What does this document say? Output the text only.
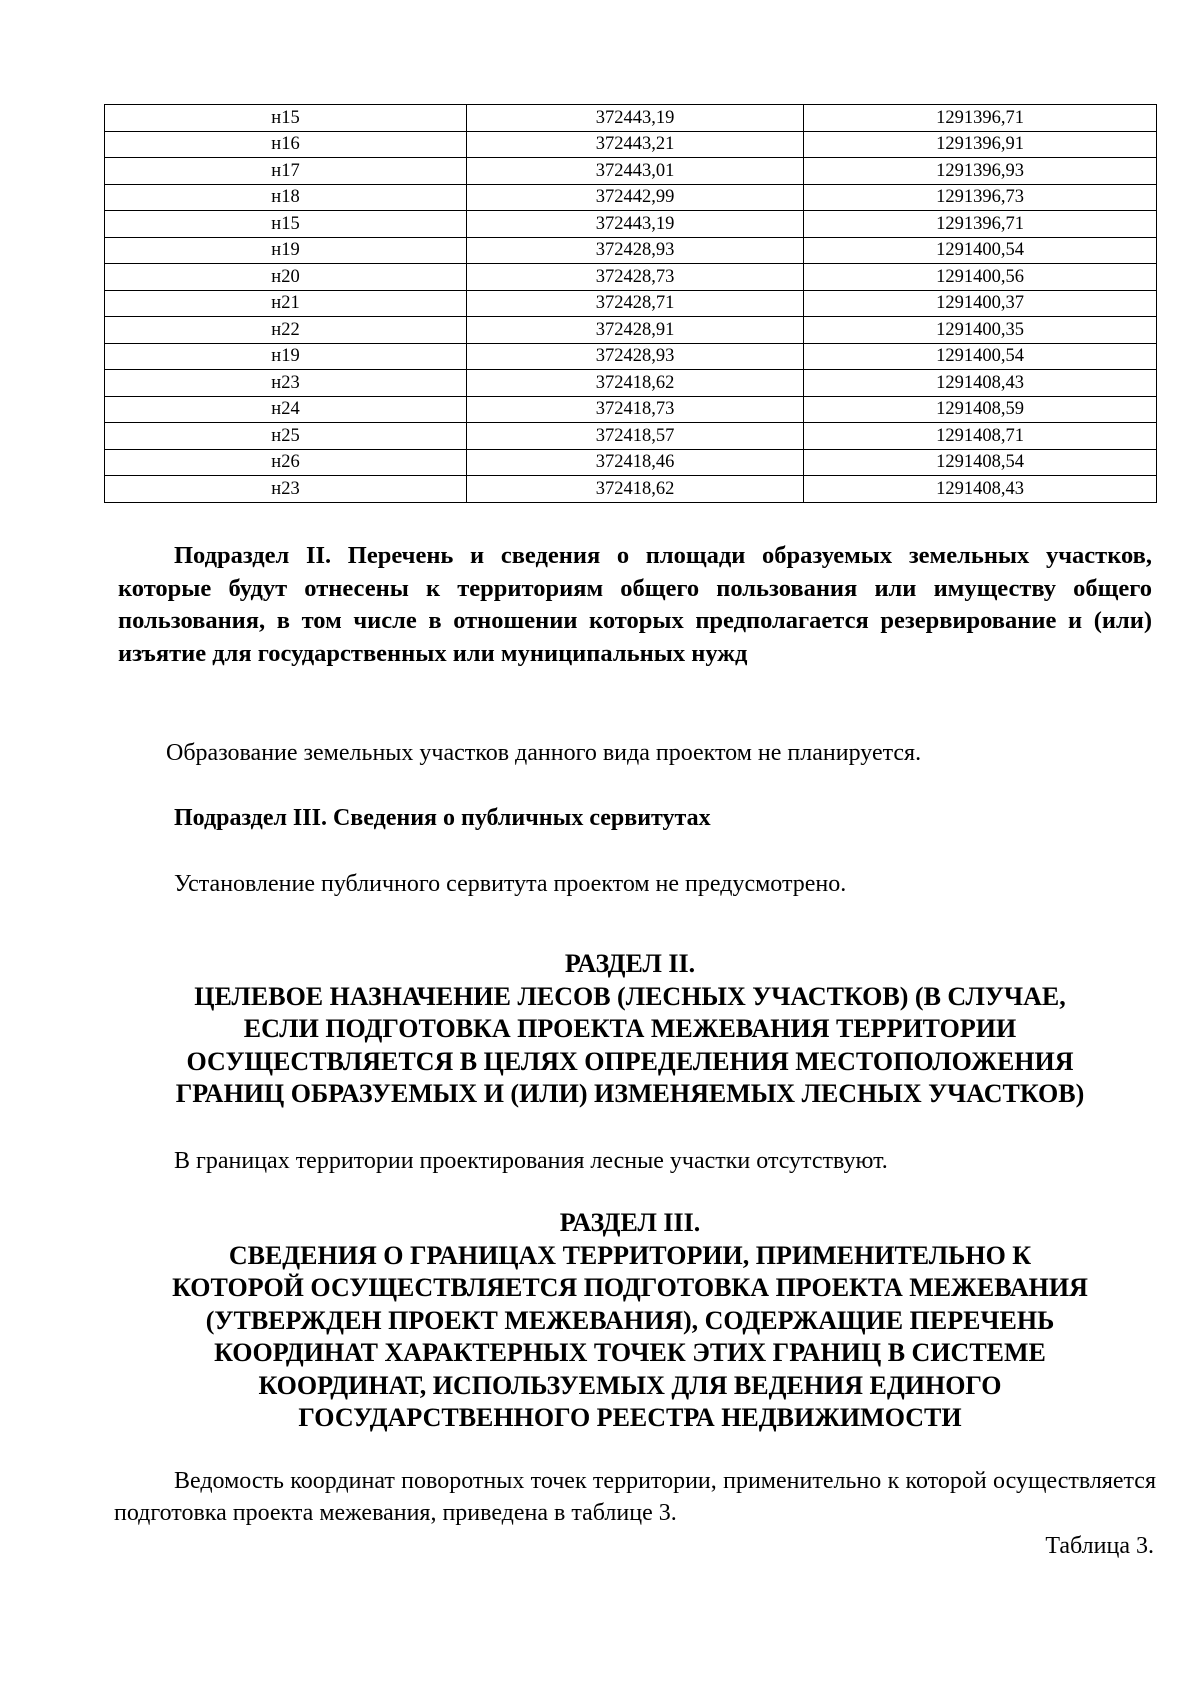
н15	372443,19	1291396,71
н16	372443,21	1291396,91
н17	372443,01	1291396,93
н18	372442,99	1291396,73
н15	372443,19	1291396,71
н19	372428,93	1291400,54
н20	372428,73	1291400,56
н21	372428,71	1291400,37
н22	372428,91	1291400,35
н19	372428,93	1291400,54
н23	372418,62	1291408,43
н24	372418,73	1291408,59
н25	372418,57	1291408,71
н26	372418,46	1291408,54
н23	372418,62	1291408,43
Подраздел II. Перечень и сведения о площади образуемых земельных участков, которые будут отнесены к территориям общего пользования или имуществу общего пользования, в том числе в отношении которых предполагается резервирование и (или) изъятие для государственных или муниципальных нужд
Образование земельных участков данного вида проектом не планируется.
Подраздел III. Сведения о публичных сервитутах
Установление публичного сервитута проектом не предусмотрено.
РАЗДЕЛ II.
ЦЕЛЕВОЕ НАЗНАЧЕНИЕ ЛЕСОВ (ЛЕСНЫХ УЧАСТКОВ) (В СЛУЧАЕ,
ЕСЛИ ПОДГОТОВКА ПРОЕКТА МЕЖЕВАНИЯ ТЕРРИТОРИИ
ОСУЩЕСТВЛЯЕТСЯ В ЦЕЛЯХ ОПРЕДЕЛЕНИЯ МЕСТОПОЛОЖЕНИЯ
ГРАНИЦ ОБРАЗУЕМЫХ И (ИЛИ) ИЗМЕНЯЕМЫХ ЛЕСНЫХ УЧАСТКОВ)
В границах территории проектирования лесные участки отсутствуют.
РАЗДЕЛ III.
СВЕДЕНИЯ О ГРАНИЦАХ ТЕРРИТОРИИ, ПРИМЕНИТЕЛЬНО К
КОТОРОЙ ОСУЩЕСТВЛЯЕТСЯ ПОДГОТОВКА ПРОЕКТА МЕЖЕВАНИЯ
(УТВЕРЖДЕН ПРОЕКТ МЕЖЕВАНИЯ), СОДЕРЖАЩИЕ ПЕРЕЧЕНЬ
КООРДИНАТ ХАРАКТЕРНЫХ ТОЧЕК ЭТИХ ГРАНИЦ В СИСТЕМЕ
КООРДИНАТ, ИСПОЛЬЗУЕМЫХ ДЛЯ ВЕДЕНИЯ ЕДИНОГО
ГОСУДАРСТВЕННОГО РЕЕСТРА НЕДВИЖИМОСТИ
Ведомость координат поворотных точек территории, применительно к которой осуществляется подготовка проекта межевания, приведена в таблице 3.
Таблица 3.
